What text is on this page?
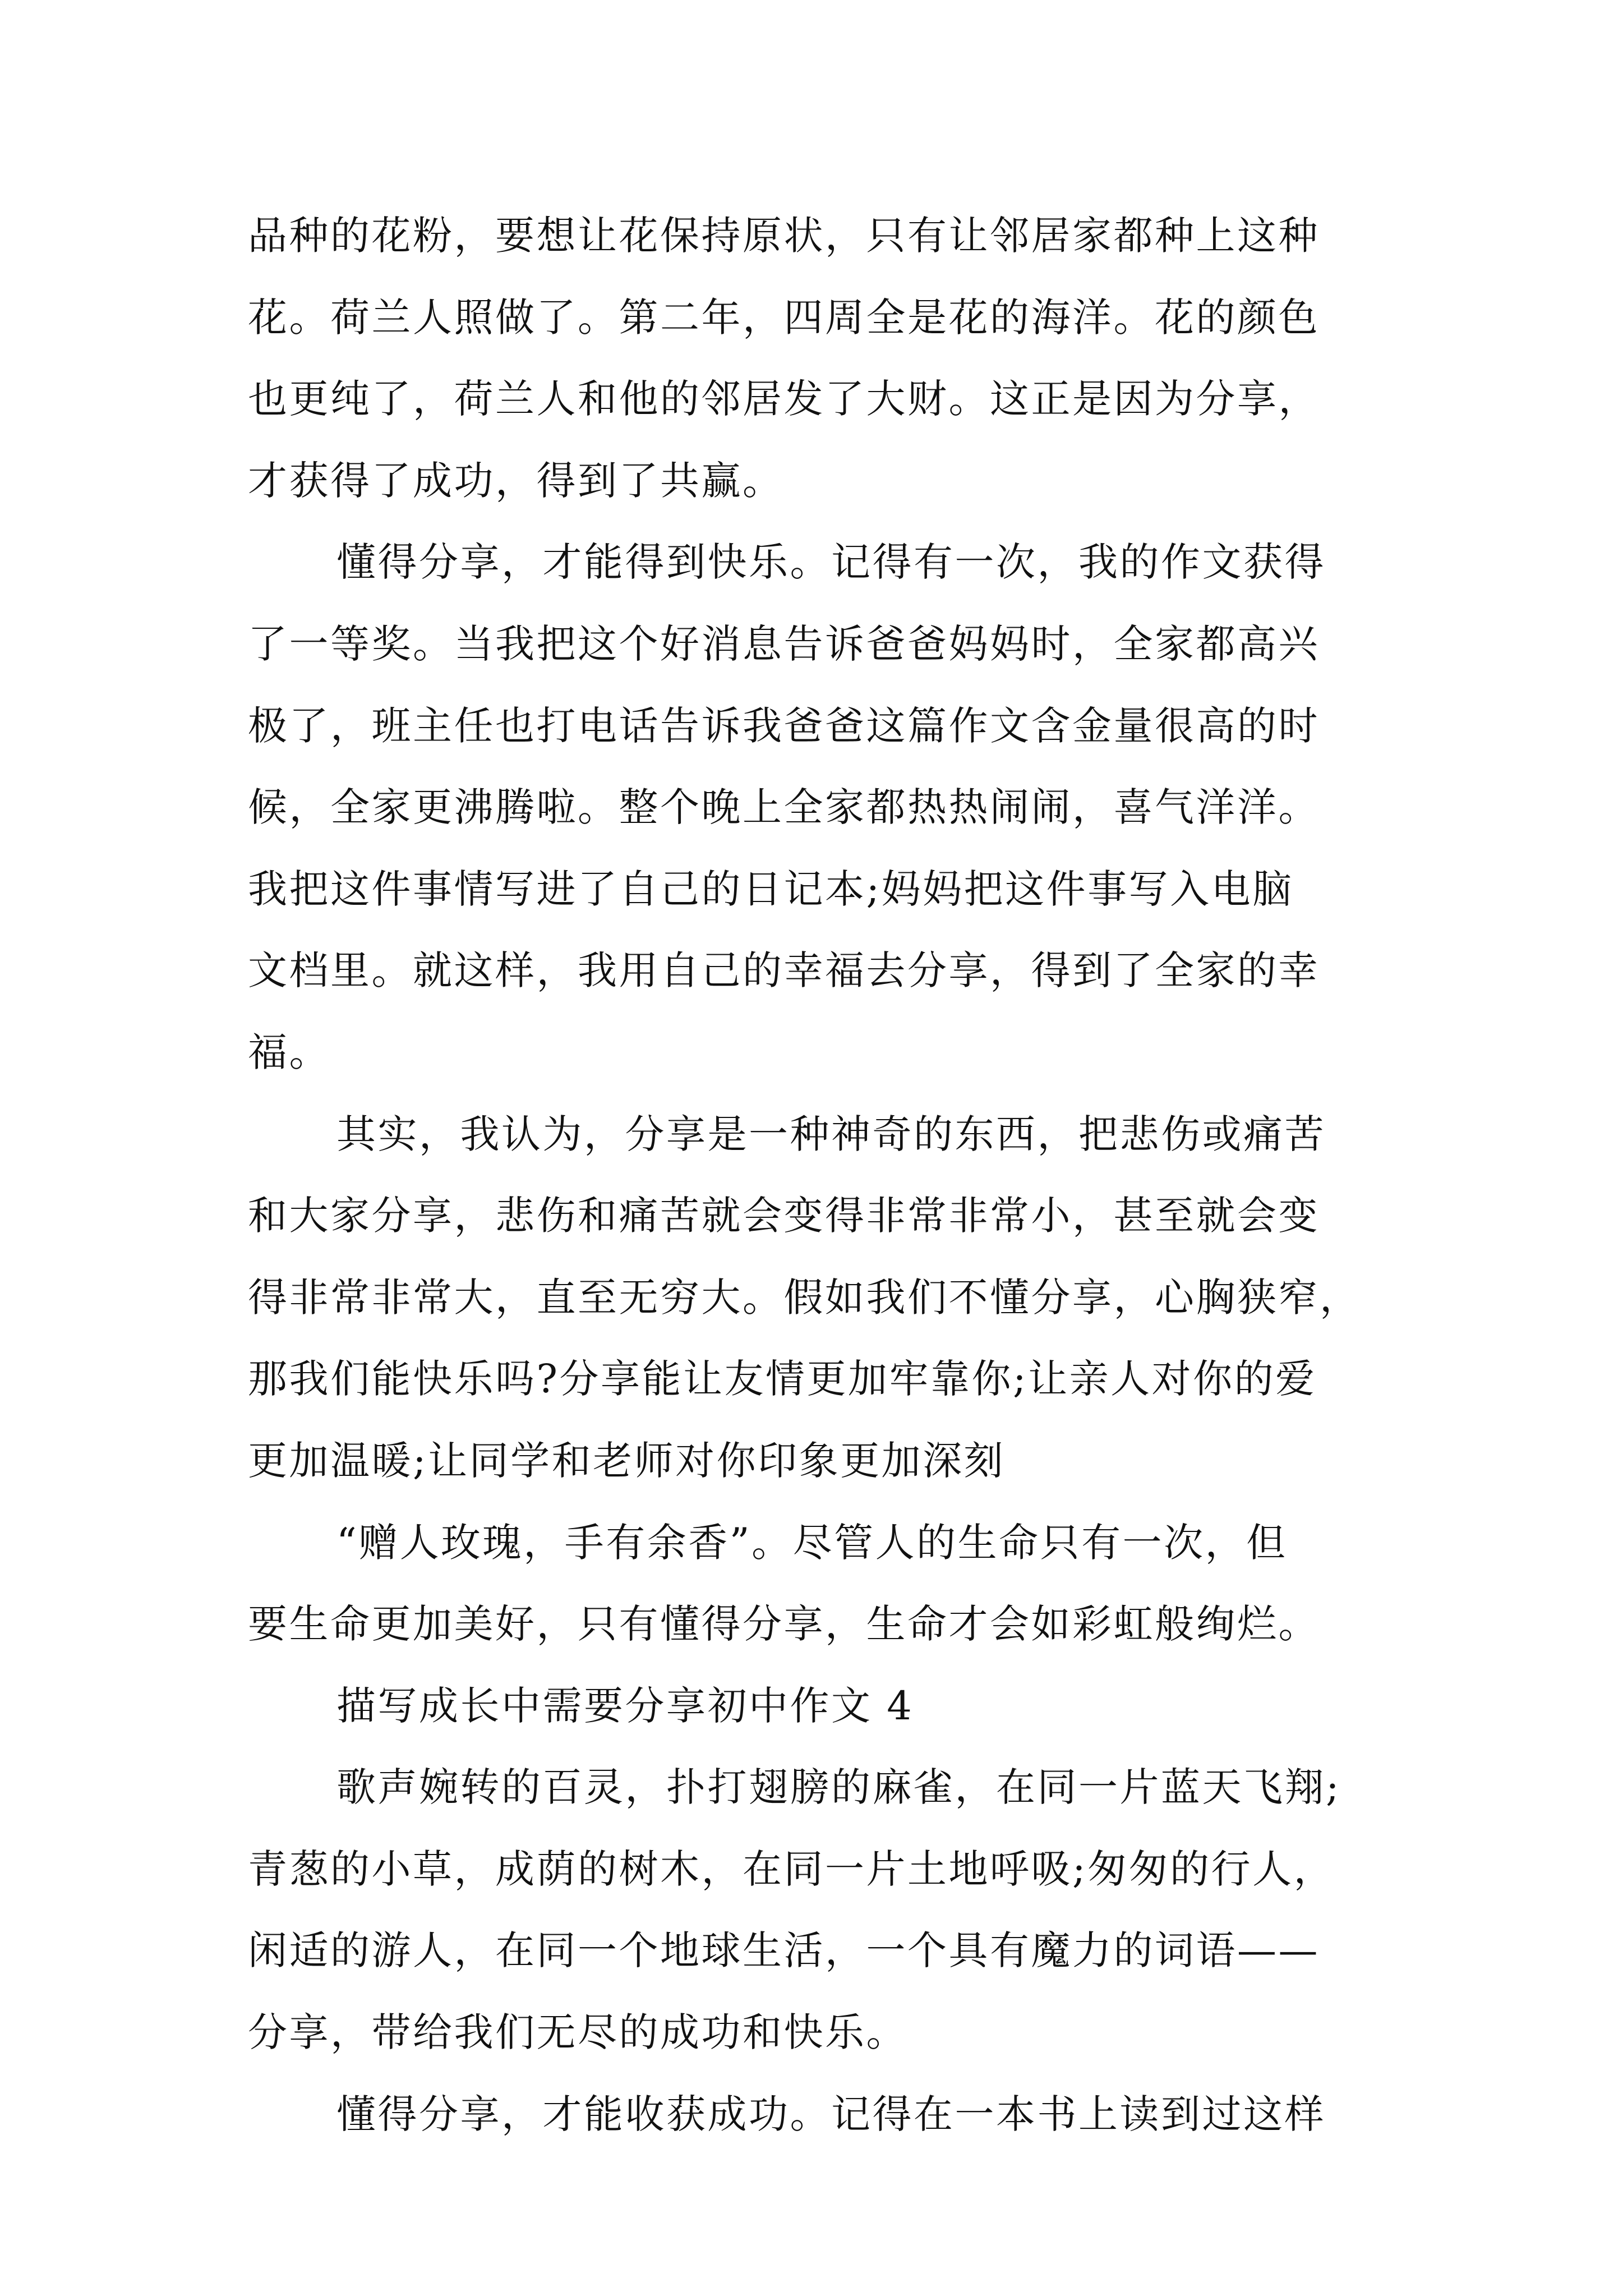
品种的花粉，要想让花保持原状，只有让邻居家都种上这种
花。荷兰人照做了。第二年，四周全是花的海洋。花的颜色
也更纯了，荷兰人和他的邻居发了大财。这正是因为分享，
才获得了成功，得到了共赢。
懂得分享，才能得到快乐。记得有一次，我的作文获得
了一等奖。当我把这个好消息告诉爸爸妈妈时，全家都高兴
极了，班主任也打电话告诉我爸爸这篇作文含金量很高的时
候，全家更沸腾啦。整个晚上全家都热热闹闹，喜气洋洋。
我把这件事情写进了自己的日记本;妈妈把这件事写入电脑
文档里。就这样，我用自己的幸福去分享，得到了全家的幸
福。
其实，我认为，分享是一种神奇的东西，把悲伤或痛苦
和大家分享，悲伤和痛苦就会变得非常非常小，甚至就会变
得非常非常大，直至无穷大。假如我们不懂分享，心胸狭窄，
那我们能快乐吗?分享能让友情更加牢靠你;让亲人对你的爱
更加温暖;让同学和老师对你印象更加深刻
“赠人玫瑰，手有余香”。尽管人的生命只有一次，但
要生命更加美好，只有懂得分享，生命才会如彩虹般绚烂。
描写成长中需要分享初中作文 4
歌声婉转的百灵，扑打翅膀的麻雀，在同一片蓝天飞翔;
青葱的小草，成荫的树木，在同一片土地呼吸;匆匆的行人，
闲适的游人，在同一个地球生活，一个具有魔力的词语——
分享，带给我们无尽的成功和快乐。
懂得分享，才能收获成功。记得在一本书上读到过这样
